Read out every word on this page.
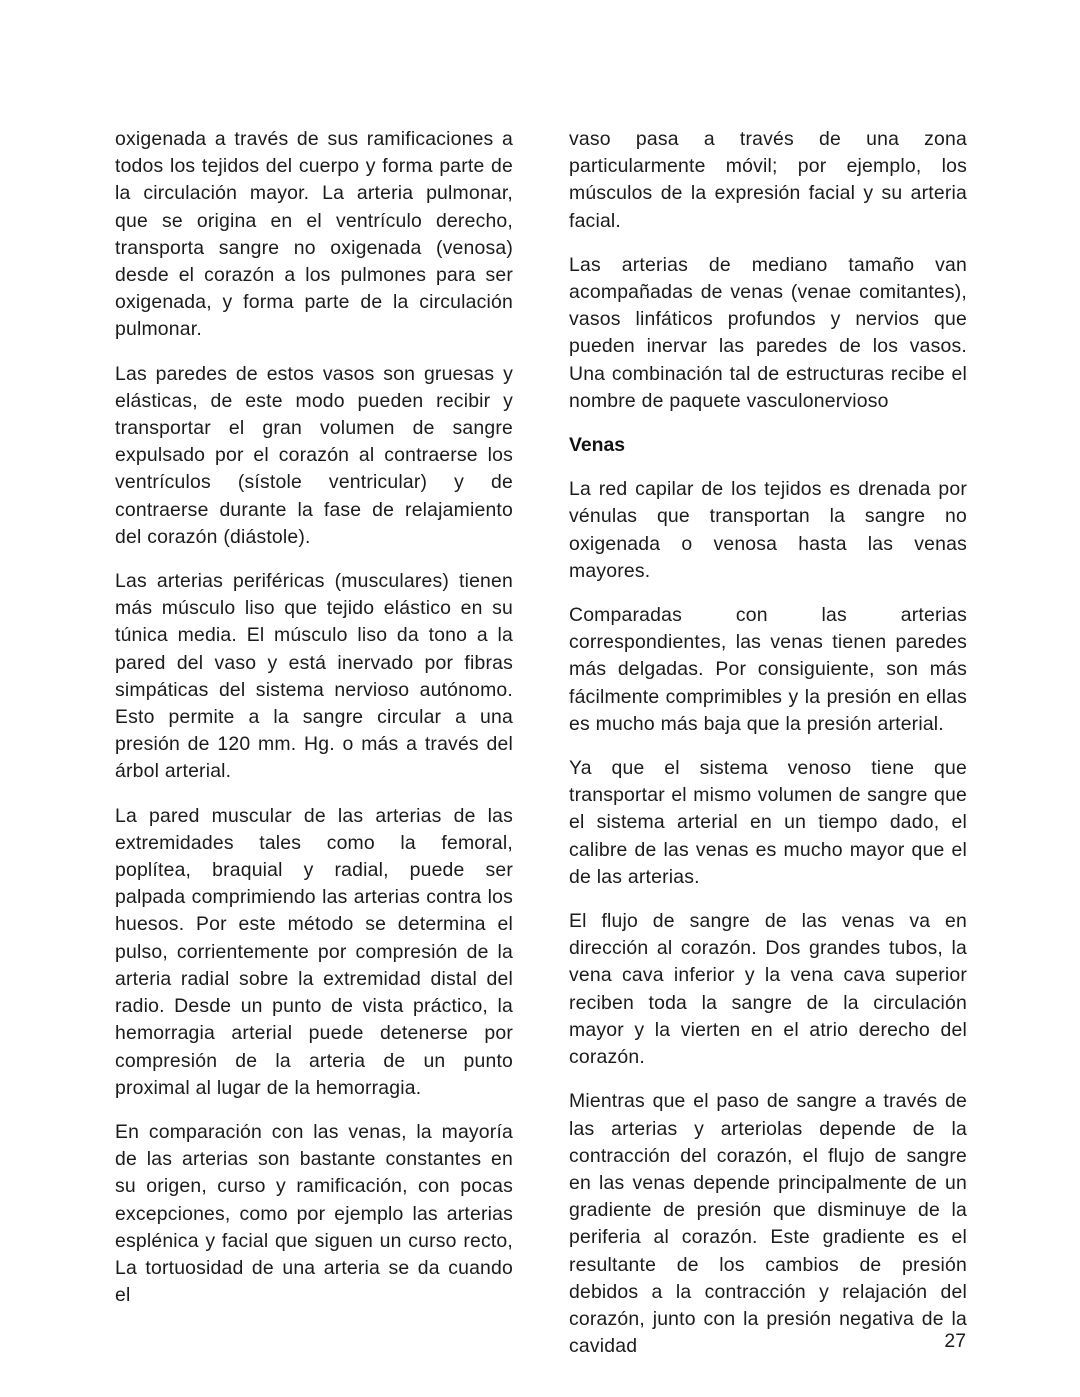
oxigenada a través de sus ramificaciones a todos los tejidos del cuerpo y forma parte de la circulación mayor. La arteria pulmonar, que se origina en el ventrículo derecho, transporta sangre no oxigenada (venosa) desde el corazón a los pulmones para ser oxigenada, y forma parte de la circulación pulmonar.

Las paredes de estos vasos son gruesas y elásticas, de este modo pueden recibir y transportar el gran volumen de sangre expulsado por el corazón al contraerse los ventrículos (sístole ventricular) y de contraerse durante la fase de relajamiento del corazón (diástole).

Las arterias periféricas (musculares) tienen más músculo liso que tejido elástico en su túnica media. El músculo liso da tono a la pared del vaso y está inervado por fibras simpáticas del sistema nervioso autónomo. Esto permite a la sangre circular a una presión de 120 mm. Hg. o más a través del árbol arterial.

La pared muscular de las arterias de las extremidades tales como la femoral, poplítea, braquial y radial, puede ser palpada comprimiendo las arterias contra los huesos. Por este método se determina el pulso, corrientemente por compresión de la arteria radial sobre la extremidad distal del radio. Desde un punto de vista práctico, la hemorragia arterial puede detenerse por compresión de la arteria de un punto proximal al lugar de la hemorragia.

En comparación con las venas, la mayoría de las arterias son bastante constantes en su origen, curso y ramificación, con pocas excepciones, como por ejemplo las arterias esplénica y facial que siguen un curso recto, La tortuosidad de una arteria se da cuando el

vaso pasa a través de una zona particularmente móvil; por ejemplo, los músculos de la expresión facial y su arteria facial.

Las arterias de mediano tamaño van acompañadas de venas (venae comitantes), vasos linfáticos profundos y nervios que pueden inervar las paredes de los vasos. Una combinación tal de estructuras recibe el nombre de paquete vasculonervioso

Venas

La red capilar de los tejidos es drenada por vénulas que transportan la sangre no oxigenada o venosa hasta las venas mayores.

Comparadas con las arterias correspondientes, las venas tienen paredes más delgadas. Por consiguiente, son más fácilmente comprimibles y la presión en ellas es mucho más baja que la presión arterial.

Ya que el sistema venoso tiene que transportar el mismo volumen de sangre que el sistema arterial en un tiempo dado, el calibre de las venas es mucho mayor que el de las arterias.

El flujo de sangre de las venas va en dirección al corazón. Dos grandes tubos, la vena cava inferior y la vena cava superior reciben toda la sangre de la circulación mayor y la vierten en el atrio derecho del corazón.

Mientras que el paso de sangre a través de las arterias y arteriolas depende de la contracción del corazón, el flujo de sangre en las venas depende principalmente de un gradiente de presión que disminuye de la periferia al corazón. Este gradiente es el resultante de los cambios de presión debidos a la contracción y relajación del corazón, junto con la presión negativa de la cavidad	27
